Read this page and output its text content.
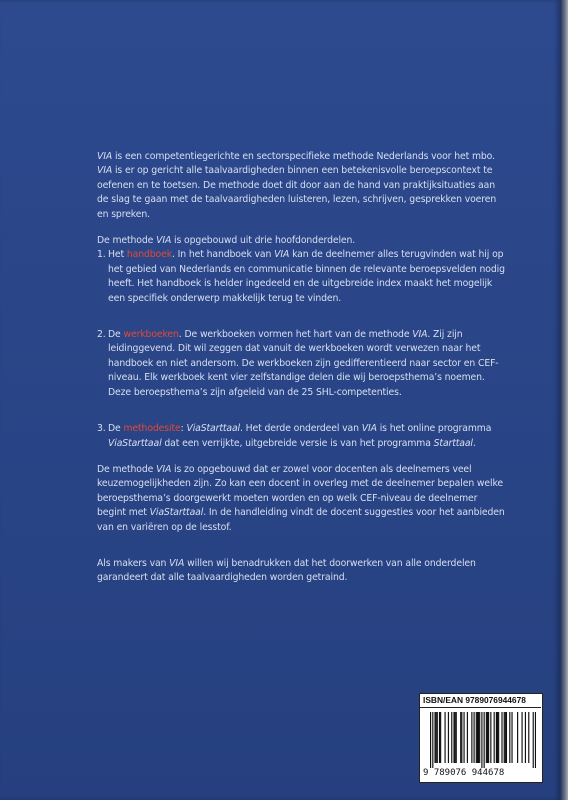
VIA is een competentiegerichte en sectorspecifieke methode Nederlands voor het mbo. VIA is er op gericht alle taalvaardigheden binnen een betekenisvolle beroepscontext te oefenen en te toetsen. De methode doet dit door aan de hand van praktijksituaties aan de slag te gaan met de taalvaardigheden luisteren, lezen, schrijven, gesprekken voeren en spreken.

De methode VIA is opgebouwd uit drie hoofdonderdelen.

1. Het handboek. In het handboek van VIA kan de deelnemer alles terugvinden wat hij op het gebied van Nederlands en communicatie binnen de relevante beroepsvelden nodig heeft. Het handboek is helder ingedeeld en de uitgebreide index maakt het mogelijk een specifiek onderwerp makkelijk terug te vinden.

2. De werkboeken. De werkboeken vormen het hart van de methode VIA. Zij zijn leidinggevend. Dit wil zeggen dat vanuit de werkboeken wordt verwezen naar het handboek en niet andersom. De werkboeken zijn gedifferentieerd naar sector en CEF-niveau. Elk werkboek kent vier zelfstandige delen die wij beroepsthema’s noemen. Deze beroepsthema’s zijn afgeleid van de 25 SHL-competenties.

3. De methodesite: ViaStarttaal. Het derde onderdeel van VIA is het online programma ViaStarttaal dat een verrijkte, uitgebreide versie is van het programma Starttaal.

De methode VIA is zo opgebouwd dat er zowel voor docenten als deelnemers veel keuzemogelijkheden zijn. Zo kan een docent in overleg met de deelnemer bepalen welke beroepsthema’s doorgewerkt moeten worden en op welk CEF-niveau de deelnemer begint met ViaStarttaal. In de handleiding vindt de docent suggesties voor het aanbieden van en variëren op de lesstof.

Als makers van VIA willen wij benadrukken dat het doorwerken van alle onderdelen garandeert dat alle taalvaardigheden worden getraind.

ISBN/EAN 9789076944678
9 789076 944678
